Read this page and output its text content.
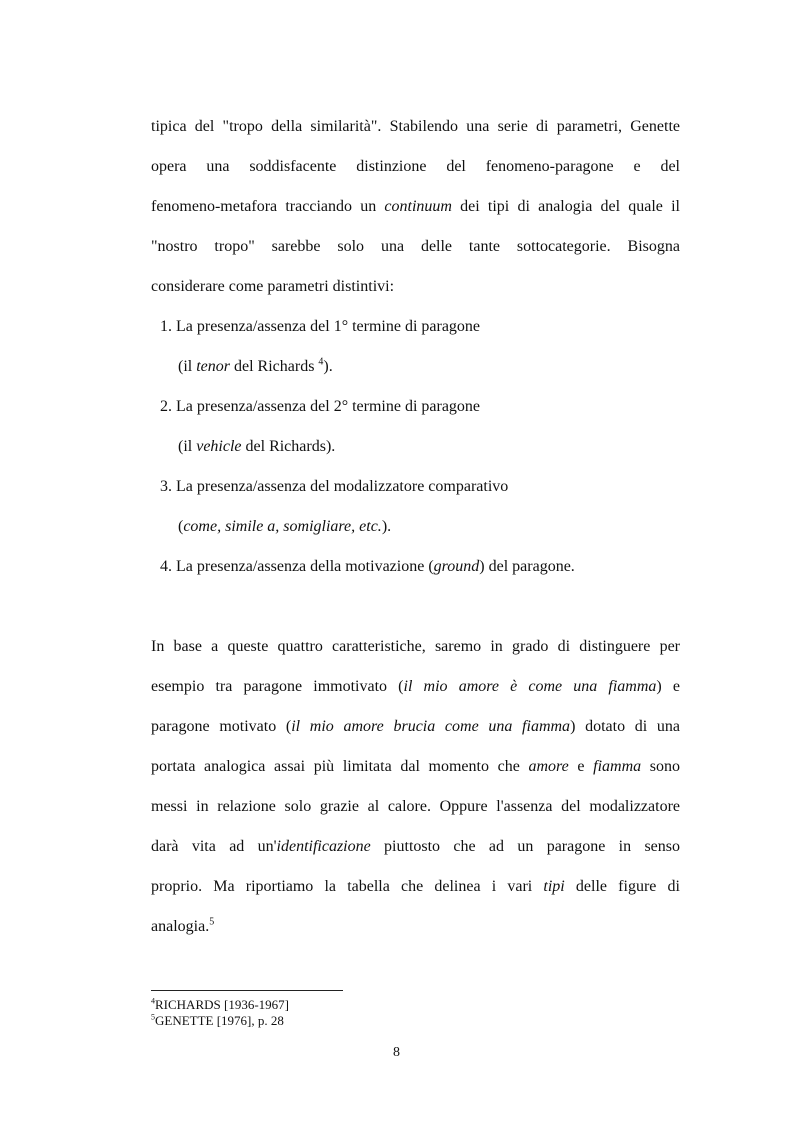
tipica del "tropo della similarità". Stabilendo una serie di parametri, Genette
opera una soddisfacente distinzione del fenomeno-paragone e del
fenomeno-metafora tracciando un continuum dei tipi di analogia del quale il
"nostro tropo" sarebbe solo una delle tante sottocategorie. Bisogna
considerare come parametri distintivi:
1. La presenza/assenza del 1° termine di paragone
(il tenor del Richards $^4$).
2. La presenza/assenza del 2° termine di paragone
(il vehicle del Richards).
3. La presenza/assenza del modalizzatore comparativo
(come, simile a, somigliare, etc.).
4. La presenza/assenza della motivazione (ground) del paragone.
In base a queste quattro caratteristiche, saremo in grado di distinguere per
esempio tra paragone immotivato (il mio amore è come una fiamma) e
paragone motivato (il mio amore brucia come una fiamma) dotato di una
portata analogica assai più limitata dal momento che amore e fiamma sono
messi in relazione solo grazie al calore. Oppure l'assenza del modalizzatore
darà vita ad un'identificazione piuttosto che ad un paragone in senso
proprio. Ma riportiamo la tabella che delinea i vari tipi delle figure di
analogia.$^5$
$^4$RICHARDS [1936-1967]
$^5$GENETTE [1976], p. 28
8
